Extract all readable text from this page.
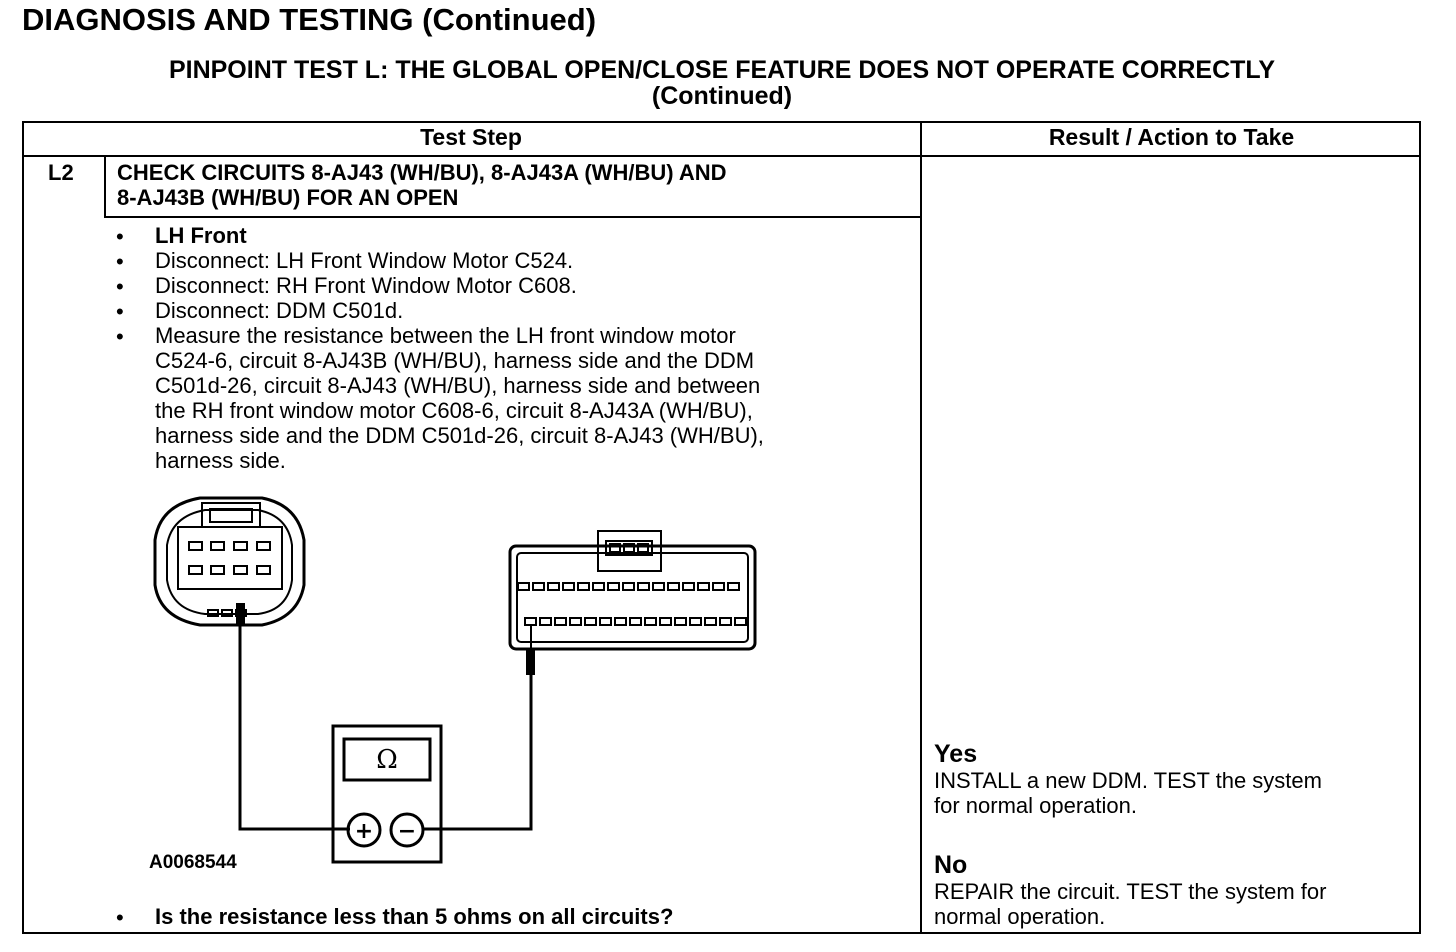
DIAGNOSIS AND TESTING (Continued)
PINPOINT TEST L: THE GLOBAL OPEN/CLOSE FEATURE DOES NOT OPERATE CORRECTLY
(Continued)
Test Step	Result / Action to Take
L2 CHECK CIRCUITS 8-AJ43 (WH/BU), 8-AJ43A (WH/BU) AND
8-AJ43B (WH/BU) FOR AN OPEN
• LH Front
• Disconnect: LH Front Window Motor C524.
• Disconnect: RH Front Window Motor C608.
• Disconnect: DDM C501d.
• Measure the resistance between the LH front window motor
C524-6, circuit 8-AJ43B (WH/BU), harness side and the DDM
C501d-26, circuit 8-AJ43 (WH/BU), harness side and between
the RH front window motor C608-6, circuit 8-AJ43A (WH/BU),
harness side and the DDM C501d-26, circuit 8-AJ43 (WH/BU),
harness side.
Ω
+ −
A0068544
• Is the resistance less than 5 ohms on all circuits?
Yes
INSTALL a new DDM. TEST the system
for normal operation.
No
REPAIR the circuit. TEST the system for
normal operation.
